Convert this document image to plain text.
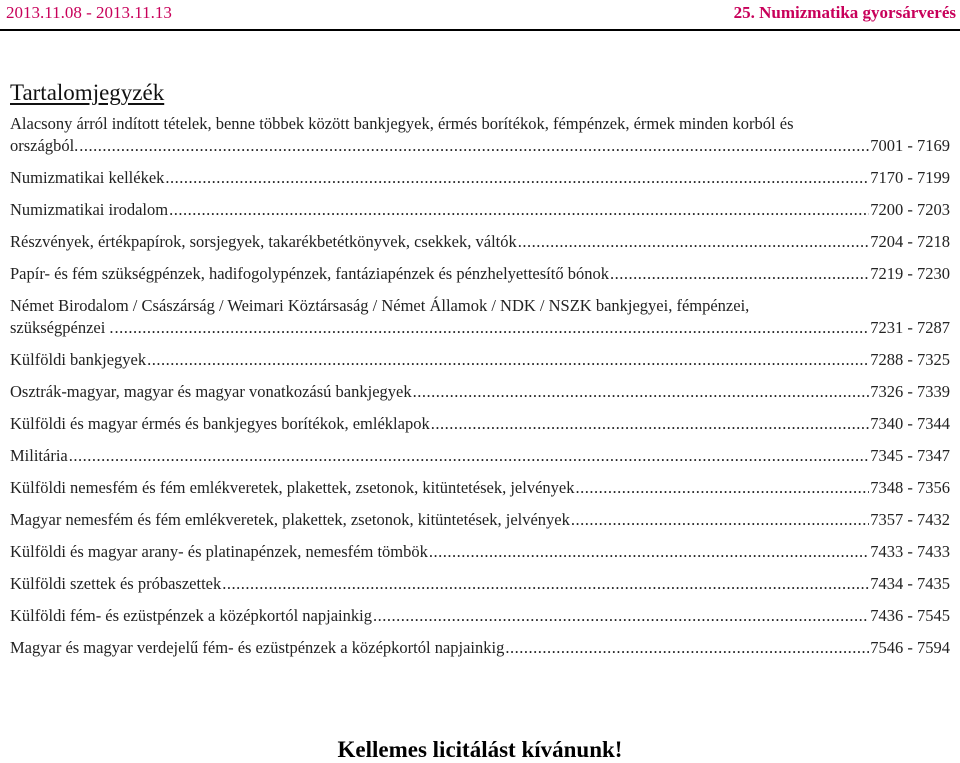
2013.11.08 - 2013.11.13	25. Numizmatika gyorsárverés
Tartalomjegyzék
Alacsony árról indított tételek, benne többek között bankjegyek, érmés borítékok, fémpénzek, érmek minden korból és
országból. .....	7001 - 7169
Numizmatikai kellékek .....	7170 - 7199
Numizmatikai irodalom .....	7200 - 7203
Részvények, értékpapírok, sorsjegyek, takarékbetétkönyvek, csekkek, váltók .....	7204 - 7218
Papír- és fém szükségpénzek, hadifogolypénzek, fantáziapénzek és pénzhelyettesítő bónok .....	7219 - 7230
Német Birodalom / Császárság / Weimari Köztársaság / Német Államok / NDK / NSZK bankjegyei, fémpénzei,
szükségpénzei . .....	7231 - 7287
Külföldi bankjegyek .....	7288 - 7325
Osztrák-magyar, magyar és magyar vonatkozású bankjegyek .....	7326 - 7339
Külföldi és magyar érmés és bankjegyes borítékok, emléklapok .....	7340 - 7344
Militária .....	7345 - 7347
Külföldi nemesfém és fém emlékveretek, plakettek, zsetonok, kitüntetések, jelvények .....	7348 - 7356
Magyar nemesfém és fém emlékveretek, plakettek, zsetonok, kitüntetések, jelvények .....	7357 - 7432
Külföldi és magyar arany- és platinapénzek, nemesfém tömbök .....	7433 - 7433
Külföldi szettek és próbaszettek .....	7434 - 7435
Külföldi fém- és ezüstpénzek a középkortól napjainkig .....	7436 - 7545
Magyar és magyar verdejelű fém- és ezüstpénzek a középkortól napjainkig .....	7546 - 7594
Kellemes licitálást kívánunk!
